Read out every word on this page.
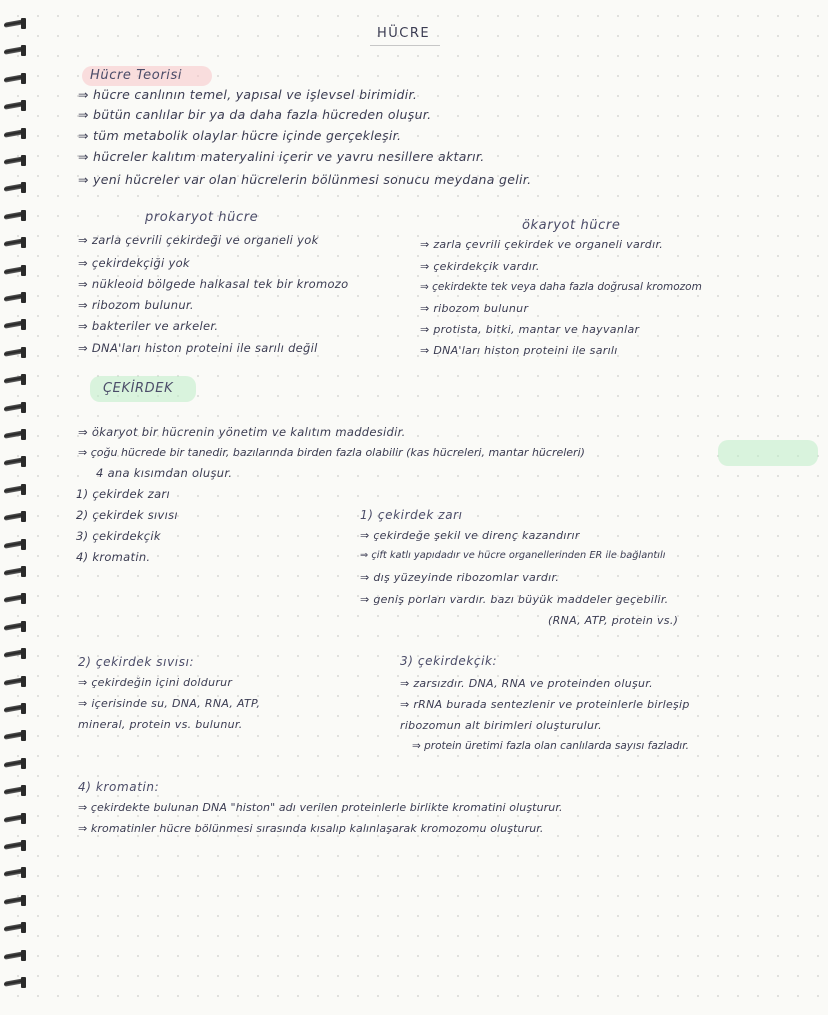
HÜCRE
Hücre Teorisi
⇒ hücre canlının temel, yapısal ve işlevsel birimidir.
⇒ bütün canlılar bir ya da daha fazla hücreden oluşur.
⇒ tüm metabolik olaylar hücre içinde gerçekleşir.
⇒ hücreler kalıtım materyalini içerir ve yavru nesillere aktarır.
⇒ yeni hücreler var olan hücrelerin bölünmesi sonucu meydana gelir.
prokaryot hücre
⇒ zarla çevrili çekirdeği ve organeli yok
⇒ çekirdekçiği yok
⇒ nükleoid bölgede halkasal tek bir kromozo
⇒ ribozom bulunur.
⇒ bakteriler ve arkeler.
⇒ DNA'ları histon proteini ile sarılı değil
ökaryot hücre
⇒ zarla çevrili çekirdek ve organeli vardır.
⇒ çekirdekçik vardır.
⇒ çekirdekte tek veya daha fazla doğrusal kromozom
⇒ ribozom bulunur
⇒ protista, bitki, mantar ve hayvanlar
⇒ DNA'ları histon proteini ile sarılı
ÇEKİRDEK
⇒ ökaryot bir hücrenin yönetim ve kalıtım maddesidir.
⇒ çoğu hücrede bir tanedir, bazılarında birden fazla olabilir (kas hücreleri, mantar hücreleri)
4 ana kısımdan oluşur.
1) çekirdek zarı
2) çekirdek sıvısı
3) çekirdekçik
4) kromatin.
1) çekirdek zarı
⇒ çekirdeğe şekil ve direnç kazandırır
⇒ çift katlı yapıdadır ve hücre organellerinden ER ile bağlantılı
⇒ dış yüzeyinde ribozomlar vardır.
⇒ geniş porları vardır. bazı büyük maddeler geçebilir.
(RNA, ATP, protein vs.)
2) çekirdek sıvısı:
⇒ çekirdeğin içini doldurur
⇒ içerisinde su, DNA, RNA, ATP,
mineral, protein vs. bulunur.
3) çekirdekçik:
⇒ zarsızdır. DNA, RNA ve proteinden oluşur.
⇒ rRNA burada sentezlenir ve proteinlerle birleşip
ribozomun alt birimleri oluşturulur.
⇒ protein üretimi fazla olan canlılarda sayısı fazladır.
4) kromatin:
⇒ çekirdekte bulunan DNA "histon" adı verilen proteinlerle birlikte kromatini oluşturur.
⇒ kromatinler hücre bölünmesi sırasında kısalıp kalınlaşarak kromozomu oluşturur.
